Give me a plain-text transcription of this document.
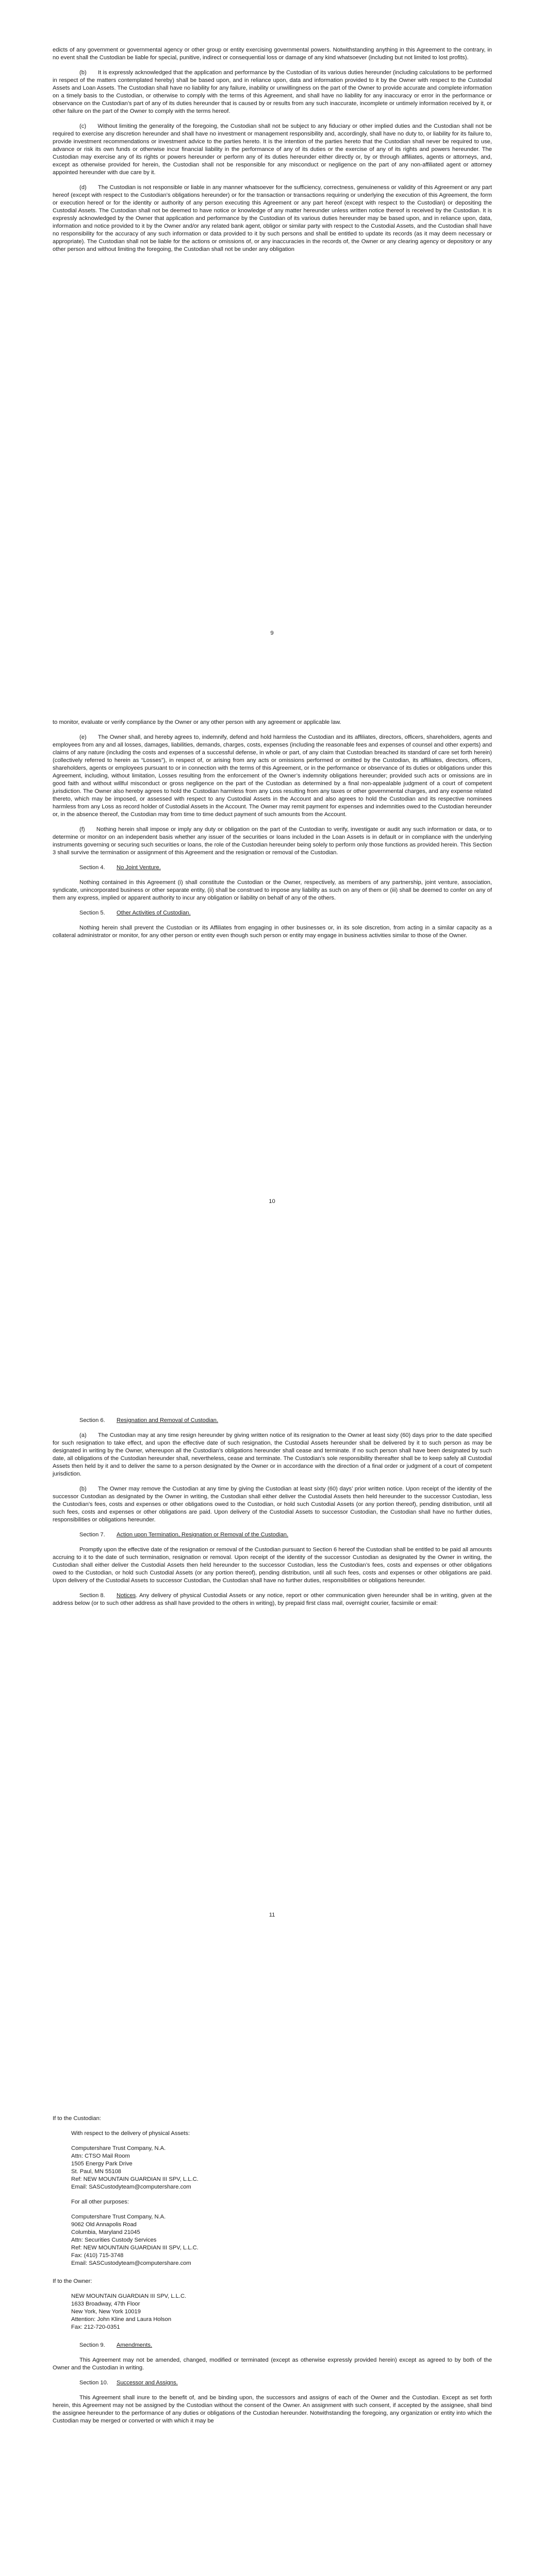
edicts of any government or governmental agency or other group or entity exercising governmental powers. Notwithstanding anything in this Agreement to the contrary, in no event shall the Custodian be liable for special, punitive, indirect or consequential loss or damage of any kind whatsoever (including but not limited to lost profits).

(b)  It is expressly acknowledged that the application and performance by the Custodian of its various duties hereunder (including calculations to be performed in respect of the matters contemplated hereby) shall be based upon, and in reliance upon, data and information provided to it by the Owner with respect to the Custodial Assets and Loan Assets. The Custodian shall have no liability for any failure, inability or unwillingness on the part of the Owner to provide accurate and complete information on a timely basis to the Custodian, or otherwise to comply with the terms of this Agreement, and shall have no liability for any inaccuracy or error in the performance or observance on the Custodian’s part of any of its duties hereunder that is caused by or results from any such inaccurate, incomplete or untimely information received by it, or other failure on the part of the Owner to comply with the terms hereof.

(c)  Without limiting the generality of the foregoing, the Custodian shall not be subject to any fiduciary or other implied duties and the Custodian shall not be required to exercise any discretion hereunder and shall have no investment or management responsibility and, accordingly, shall have no duty to, or liability for its failure to, provide investment recommendations or investment advice to the parties hereto. It is the intention of the parties hereto that the Custodian shall never be required to use, advance or risk its own funds or otherwise incur financial liability in the performance of any of its duties or the exercise of any of its rights and powers hereunder. The Custodian may exercise any of its rights or powers hereunder or perform any of its duties hereunder either directly or, by or through affiliates, agents or attorneys, and, except as otherwise provided for herein, the Custodian shall not be responsible for any misconduct or negligence on the part of any non-affiliated agent or attorney appointed hereunder with due care by it.

(d)  The Custodian is not responsible or liable in any manner whatsoever for the sufficiency, correctness, genuineness or validity of this Agreement or any part hereof (except with respect to the Custodian’s obligations hereunder) or for the transaction or transactions requiring or underlying the execution of this Agreement, the form or execution hereof or for the identity or authority of any person executing this Agreement or any part hereof (except with respect to the Custodian) or depositing the Custodial Assets. The Custodian shall not be deemed to have notice or knowledge of any matter hereunder unless written notice thereof is received by the Custodian. It is expressly acknowledged by the Owner that application and performance by the Custodian of its various duties hereunder may be based upon, and in reliance upon, data, information and notice provided to it by the Owner and/or any related bank agent, obligor or similar party with respect to the Custodial Assets, and the Custodian shall have no responsibility for the accuracy of any such information or data provided to it by such persons and shall be entitled to update its records (as it may deem necessary or appropriate). The Custodian shall not be liable for the actions or omissions of, or any inaccuracies in the records of, the Owner or any clearing agency or depository or any other person and without limiting the foregoing, the Custodian shall not be under any obligation

9

to monitor, evaluate or verify compliance by the Owner or any other person with any agreement or applicable law.

(e)  The Owner shall, and hereby agrees to, indemnify, defend and hold harmless the Custodian and its affiliates, directors, officers, shareholders, agents and employees from any and all losses, damages, liabilities, demands, charges, costs, expenses (including the reasonable fees and expenses of counsel and other experts) and claims of any nature (including the costs and expenses of a successful defense, in whole or part, of any claim that Custodian breached its standard of care set forth herein) (collectively referred to herein as “Losses”), in respect of, or arising from any acts or omissions performed or omitted by the Custodian, its affiliates, directors, officers, shareholders, agents or employees pursuant to or in connection with the terms of this Agreement, or in the performance or observance of its duties or obligations under this Agreement, including, without limitation, Losses resulting from the enforcement of the Owner’s indemnity obligations hereunder; provided such acts or omissions are in good faith and without willful misconduct or gross negligence on the part of the Custodian as determined by a final non-appealable judgment of a court of competent jurisdiction. The Owner also hereby agrees to hold the Custodian harmless from any Loss resulting from any taxes or other governmental charges, and any expense related thereto, which may be imposed, or assessed with respect to any Custodial Assets in the Account and also agrees to hold the Custodian and its respective nominees harmless from any Loss as record holder of Custodial Assets in the Account. The Owner may remit payment for expenses and indemnities owed to the Custodian hereunder or, in the absence thereof, the Custodian may from time to time deduct payment of such amounts from the Account.

(f)  Nothing herein shall impose or imply any duty or obligation on the part of the Custodian to verify, investigate or audit any such information or data, or to determine or monitor on an independent basis whether any issuer of the securities or loans included in the Loan Assets is in default or in compliance with the underlying instruments governing or securing such securities or loans, the role of the Custodian hereunder being solely to perform only those functions as provided herein. This Section 3 shall survive the termination or assignment of this Agreement and the resignation or removal of the Custodian.

Section 4. No Joint Venture.

Nothing contained in this Agreement (i) shall constitute the Custodian or the Owner, respectively, as members of any partnership, joint venture, association, syndicate, unincorporated business or other separate entity, (ii) shall be construed to impose any liability as such on any of them or (iii) shall be deemed to confer on any of them any express, implied or apparent authority to incur any obligation or liability on behalf of any of the others.

Section 5. Other Activities of Custodian.

Nothing herein shall prevent the Custodian or its Affiliates from engaging in other businesses or, in its sole discretion, from acting in a similar capacity as a collateral administrator or monitor, for any other person or entity even though such person or entity may engage in business activities similar to those of the Owner.

10
Section 6. Resignation and Removal of Custodian.

(a)  The Custodian may at any time resign hereunder by giving written notice of its resignation to the Owner at least sixty (60) days prior to the date specified for such resignation to take effect, and upon the effective date of such resignation, the Custodial Assets hereunder shall be delivered by it to such person as may be designated in writing by the Owner, whereupon all the Custodian’s obligations hereunder shall cease and terminate. If no such person shall have been designated by such date, all obligations of the Custodian hereunder shall, nevertheless, cease and terminate. The Custodian’s sole responsibility thereafter shall be to keep safely all Custodial Assets then held by it and to deliver the same to a person designated by the Owner or in accordance with the direction of a final order or judgment of a court of competent jurisdiction.

(b)  The Owner may remove the Custodian at any time by giving the Custodian at least sixty (60) days’ prior written notice. Upon receipt of the identity of the successor Custodian as designated by the Owner in writing, the Custodian shall either deliver the Custodial Assets then held hereunder to the successor Custodian, less the Custodian’s fees, costs and expenses or other obligations owed to the Custodian, or hold such Custodial Assets (or any portion thereof), pending distribution, until all such fees, costs and expenses or other obligations are paid. Upon delivery of the Custodial Assets to successor Custodian, the Custodian shall have no further duties, responsibilities or obligations hereunder.

Section 7. Action upon Termination, Resignation or Removal of the Custodian.

Promptly upon the effective date of the resignation or removal of the Custodian pursuant to Section 6 hereof the Custodian shall be entitled to be paid all amounts accruing to it to the date of such termination, resignation or removal. Upon receipt of the identity of the successor Custodian as designated by the Owner in writing, the Custodian shall either deliver the Custodial Assets then held hereunder to the successor Custodian, less the Custodian’s fees, costs and expenses or other obligations owed to the Custodian, or hold such Custodial Assets (or any portion thereof), pending distribution, until all such fees, costs and expenses or other obligations are paid. Upon delivery of the Custodial Assets to successor Custodian, the Custodian shall have no further duties, responsibilities or obligations hereunder.

Section 8. Notices. Any delivery of physical Custodial Assets or any notice, report or other communication given hereunder shall be in writing, given at the address below (or to such other address as shall have provided to the others in writing), by prepaid first class mail, overnight courier, facsimile or email:

11
If to the Custodian:
With respect to the delivery of physical Assets:
Computershare Trust Company, N.A.
Attn: CTSO Mail Room
1505 Energy Park Drive
St. Paul, MN 55108
Ref: NEW MOUNTAIN GUARDIAN III SPV, L.L.C.
Email: SASCustodyteam@computershare.com
For all other purposes:
Computershare Trust Company, N.A.
9062 Old Annapolis Road
Columbia, Maryland 21045
Attn: Securities Custody Services
Ref: NEW MOUNTAIN GUARDIAN III SPV, L.L.C.
Fax: (410) 715-3748
Email: SASCustodyteam@computershare.com
If to the Owner:
NEW MOUNTAIN GUARDIAN III SPV, L.L.C.
1633 Broadway, 47th Floor
New York, New York 10019
Attention: John Kline and Laura Holson
Fax: 212-720-0351
Section 9. Amendments.

This Agreement may not be amended, changed, modified or terminated (except as otherwise expressly provided herein) except as agreed to by both of the Owner and the Custodian in writing.

Section 10. Successor and Assigns.

This Agreement shall inure to the benefit of, and be binding upon, the successors and assigns of each of the Owner and the Custodian. Except as set forth herein, this Agreement may not be assigned by the Custodian without the consent of the Owner. An assignment with such consent, if accepted by the assignee, shall bind the assignee hereunder to the performance of any duties or obligations of the Custodian hereunder. Notwithstanding the foregoing, any organization or entity into which the Custodian may be merged or converted or with which it may be
